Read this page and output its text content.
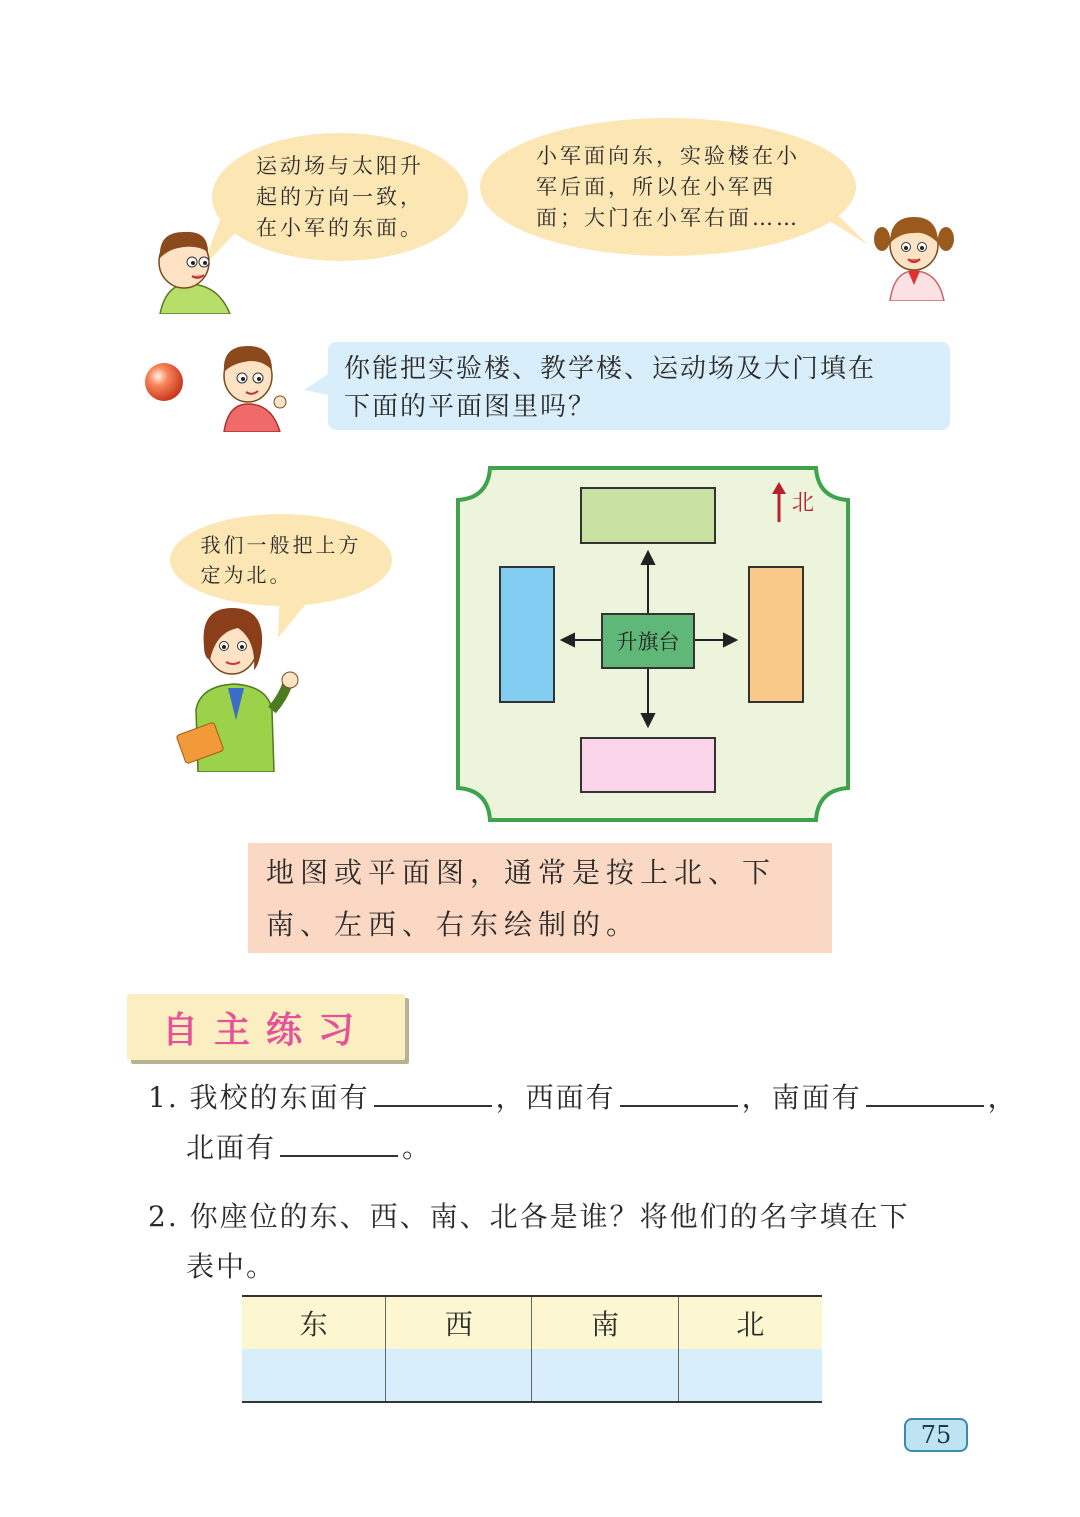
运动场与太阳升
起的方向一致，
在小军的东面。
小军面向东，实验楼在小
军后面，所以在小军西
面；大门在小军右面……
你能把实验楼、教学楼、运动场及大门填在
下面的平面图里吗？
我们一般把上方
定为北。
北
升旗台
地图或平面图，通常是按上北、下
南、左西、右东绘制的。
自主练习
1. 我校的东面有	，西面有	，南面有	，
北面有	。
2. 你座位的东、西、南、北各是谁？将他们的名字填在下
表中。
东	西	南	北

75
